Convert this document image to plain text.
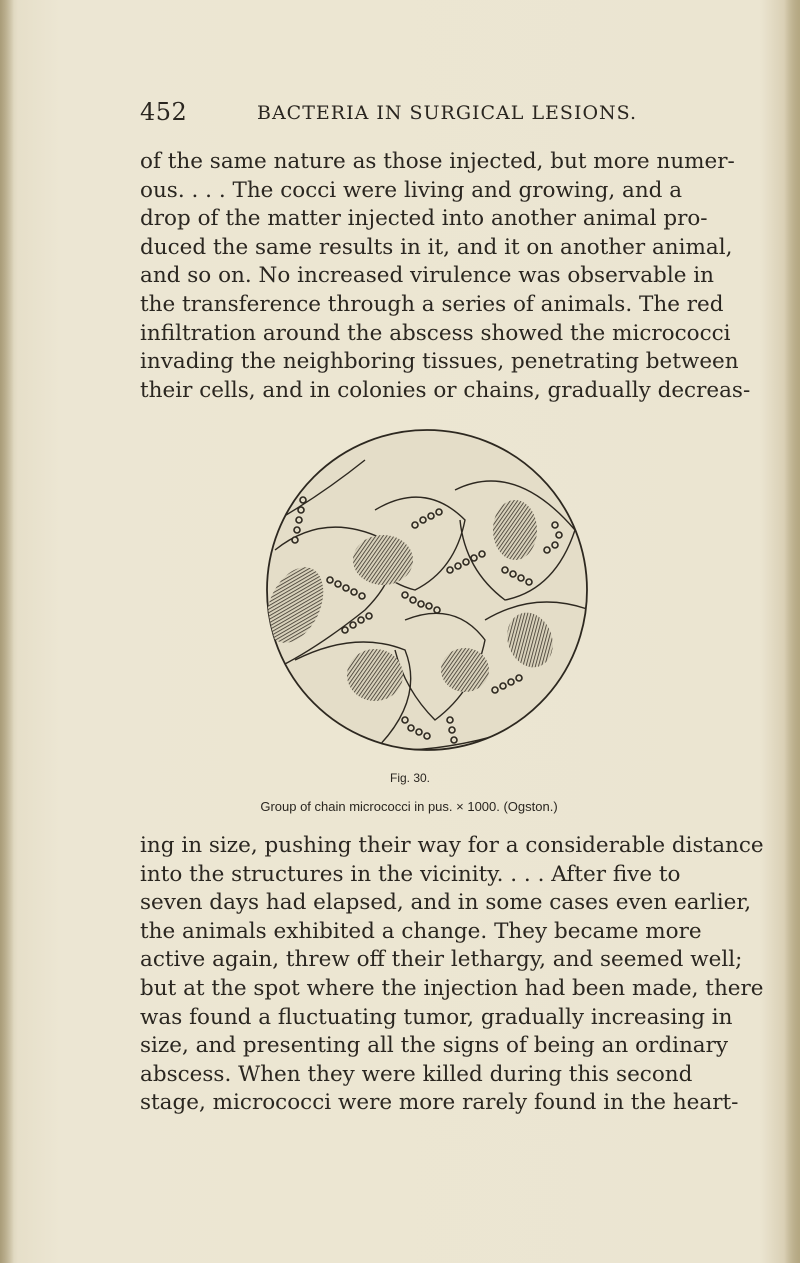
452	BACTERIA IN SURGICAL LESIONS.
of the same nature as those injected, but more numer-
ous. . . . The cocci were living and growing, and a
drop of the matter injected into another animal pro-
duced the same results in it, and it on another animal,
and so on. No increased virulence was observable in
the transference through a series of animals. The red
infiltration around the abscess showed the micrococci
invading the neighboring tissues, penetrating between
their cells, and in colonies or chains, gradually decreas-
Fig. 30.
Group of chain micrococci in pus. × 1000. (Ogston.)
ing in size, pushing their way for a considerable distance
into the structures in the vicinity. . . . After five to
seven days had elapsed, and in some cases even earlier,
the animals exhibited a change. They became more
active again, threw off their lethargy, and seemed well;
but at the spot where the injection had been made, there
was found a fluctuating tumor, gradually increasing in
size, and presenting all the signs of being an ordinary
abscess. When they were killed during this second
stage, micrococci were more rarely found in the heart-
